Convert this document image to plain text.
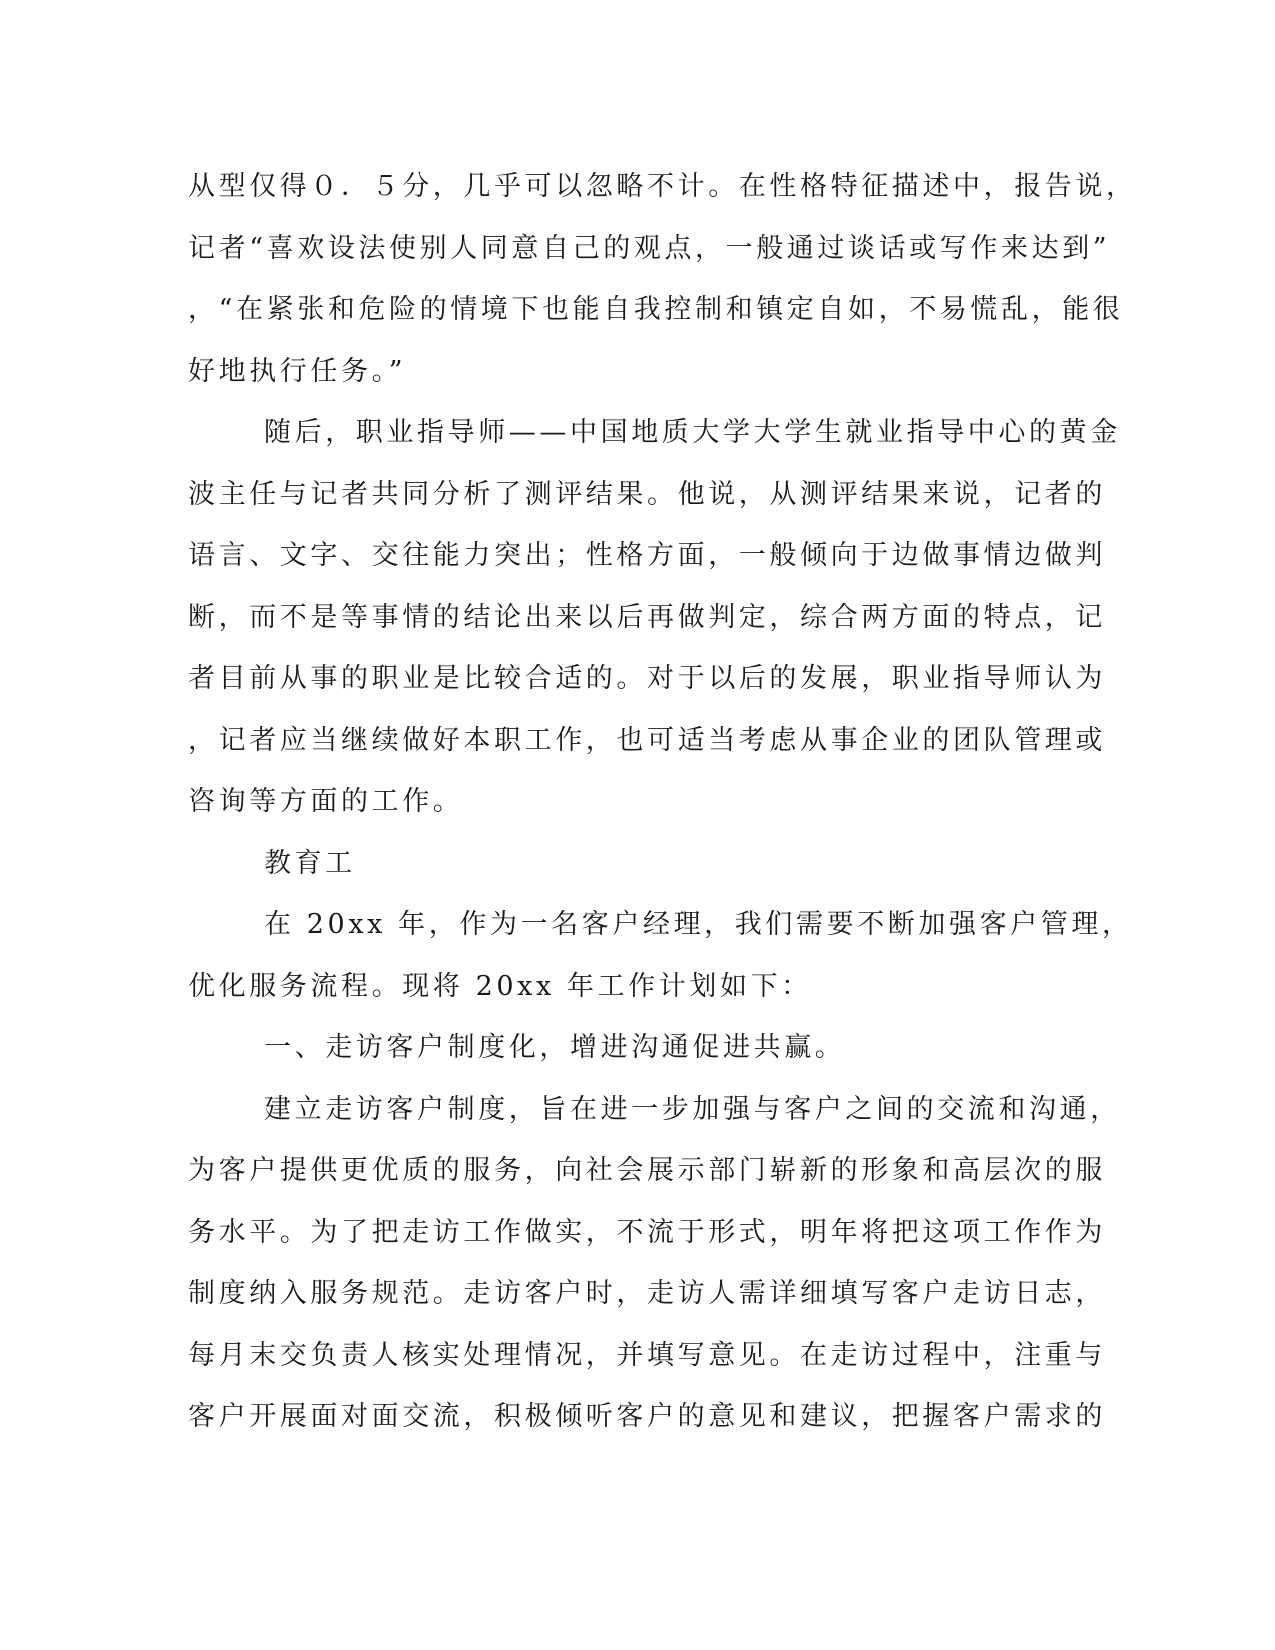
从型仅得０．５分，几乎可以忽略不计。在性格特征描述中，报告说，
记者“喜欢设法使别人同意自己的观点，一般通过谈话或写作来达到”
，“在紧张和危险的情境下也能自我控制和镇定自如，不易慌乱，能很
好地执行任务。”
随后，职业指导师——中国地质大学大学生就业指导中心的黄金
波主任与记者共同分析了测评结果。他说，从测评结果来说，记者的
语言、文字、交往能力突出；性格方面，一般倾向于边做事情边做判
断，而不是等事情的结论出来以后再做判定，综合两方面的特点，记
者目前从事的职业是比较合适的。对于以后的发展，职业指导师认为
，记者应当继续做好本职工作，也可适当考虑从事企业的团队管理或
咨询等方面的工作。
教育工
在 20xx 年，作为一名客户经理，我们需要不断加强客户管理，
优化服务流程。现将 20xx 年工作计划如下：
一、走访客户制度化，增进沟通促进共赢。
建立走访客户制度，旨在进一步加强与客户之间的交流和沟通，
为客户提供更优质的服务，向社会展示部门崭新的形象和高层次的服
务水平。为了把走访工作做实，不流于形式，明年将把这项工作作为
制度纳入服务规范。走访客户时，走访人需详细填写客户走访日志，
每月末交负责人核实处理情况，并填写意见。在走访过程中，注重与
客户开展面对面交流，积极倾听客户的意见和建议，把握客户需求的
